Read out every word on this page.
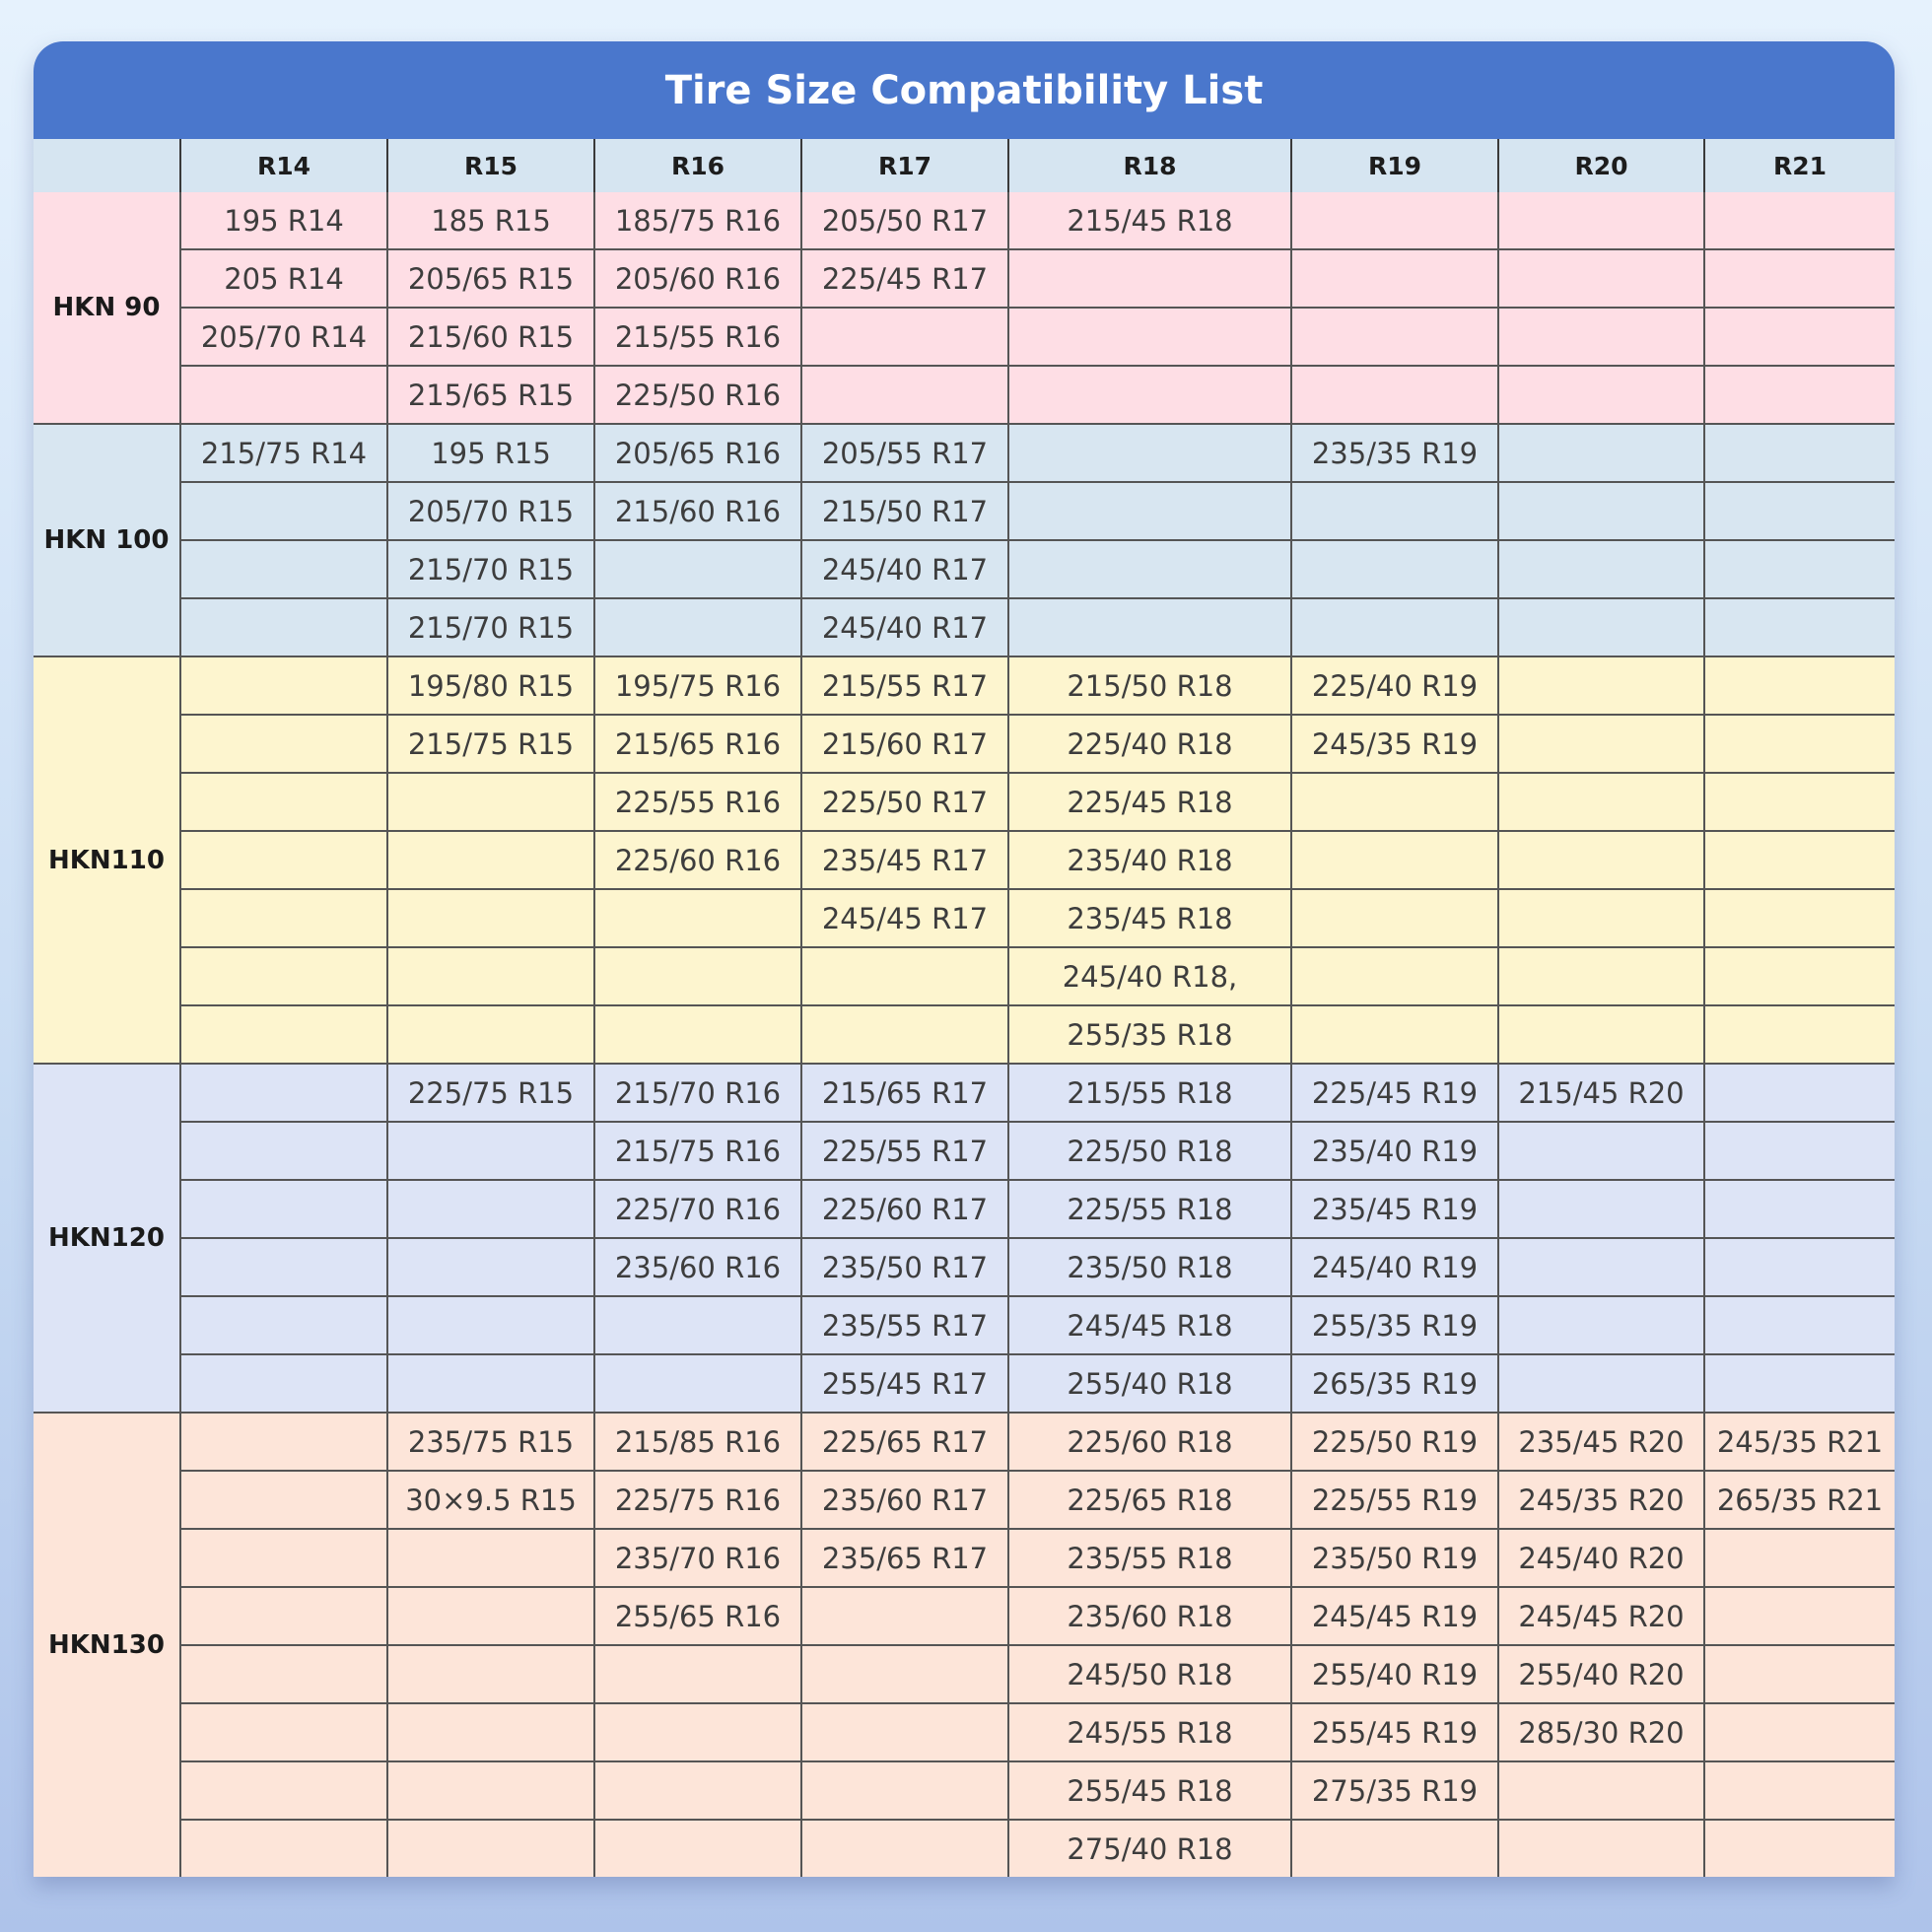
Tire Size Compatibility List
	R14	R15	R16	R17	R18	R19	R20	R21
HKN 90	195 R14	185 R15	185/75 R16	205/50 R17	215/45 R18			
	205 R14	205/65 R15	205/60 R16	225/45 R17				
	205/70 R14	215/60 R15	215/55 R16					
		215/65 R15	225/50 R16					
HKN 100	215/75 R14	195 R15	205/65 R16	205/55 R17		235/35 R19		
		205/70 R15	215/60 R16	215/50 R17				
		215/70 R15		245/40 R17				
		215/70 R15		245/40 R17				
HKN110		195/80 R15	195/75 R16	215/55 R17	215/50 R18	225/40 R19		
		215/75 R15	215/65 R16	215/60 R17	225/40 R18	245/35 R19		
			225/55 R16	225/50 R17	225/45 R18			
			225/60 R16	235/45 R17	235/40 R18			
				245/45 R17	235/45 R18			
					245/40 R18,			
					255/35 R18			
HKN120		225/75 R15	215/70 R16	215/65 R17	215/55 R18	225/45 R19	215/45 R20	
			215/75 R16	225/55 R17	225/50 R18	235/40 R19		
			225/70 R16	225/60 R17	225/55 R18	235/45 R19		
			235/60 R16	235/50 R17	235/50 R18	245/40 R19		
				235/55 R17	245/45 R18	255/35 R19		
				255/45 R17	255/40 R18	265/35 R19		
HKN130		235/75 R15	215/85 R16	225/65 R17	225/60 R18	225/50 R19	235/45 R20	245/35 R21
		30×9.5 R15	225/75 R16	235/60 R17	225/65 R18	225/55 R19	245/35 R20	265/35 R21
			235/70 R16	235/65 R17	235/55 R18	235/50 R19	245/40 R20	
			255/65 R16		235/60 R18	245/45 R19	245/45 R20	
					245/50 R18	255/40 R19	255/40 R20	
					245/55 R18	255/45 R19	285/30 R20	
					255/45 R18	275/35 R19		
					275/40 R18			
